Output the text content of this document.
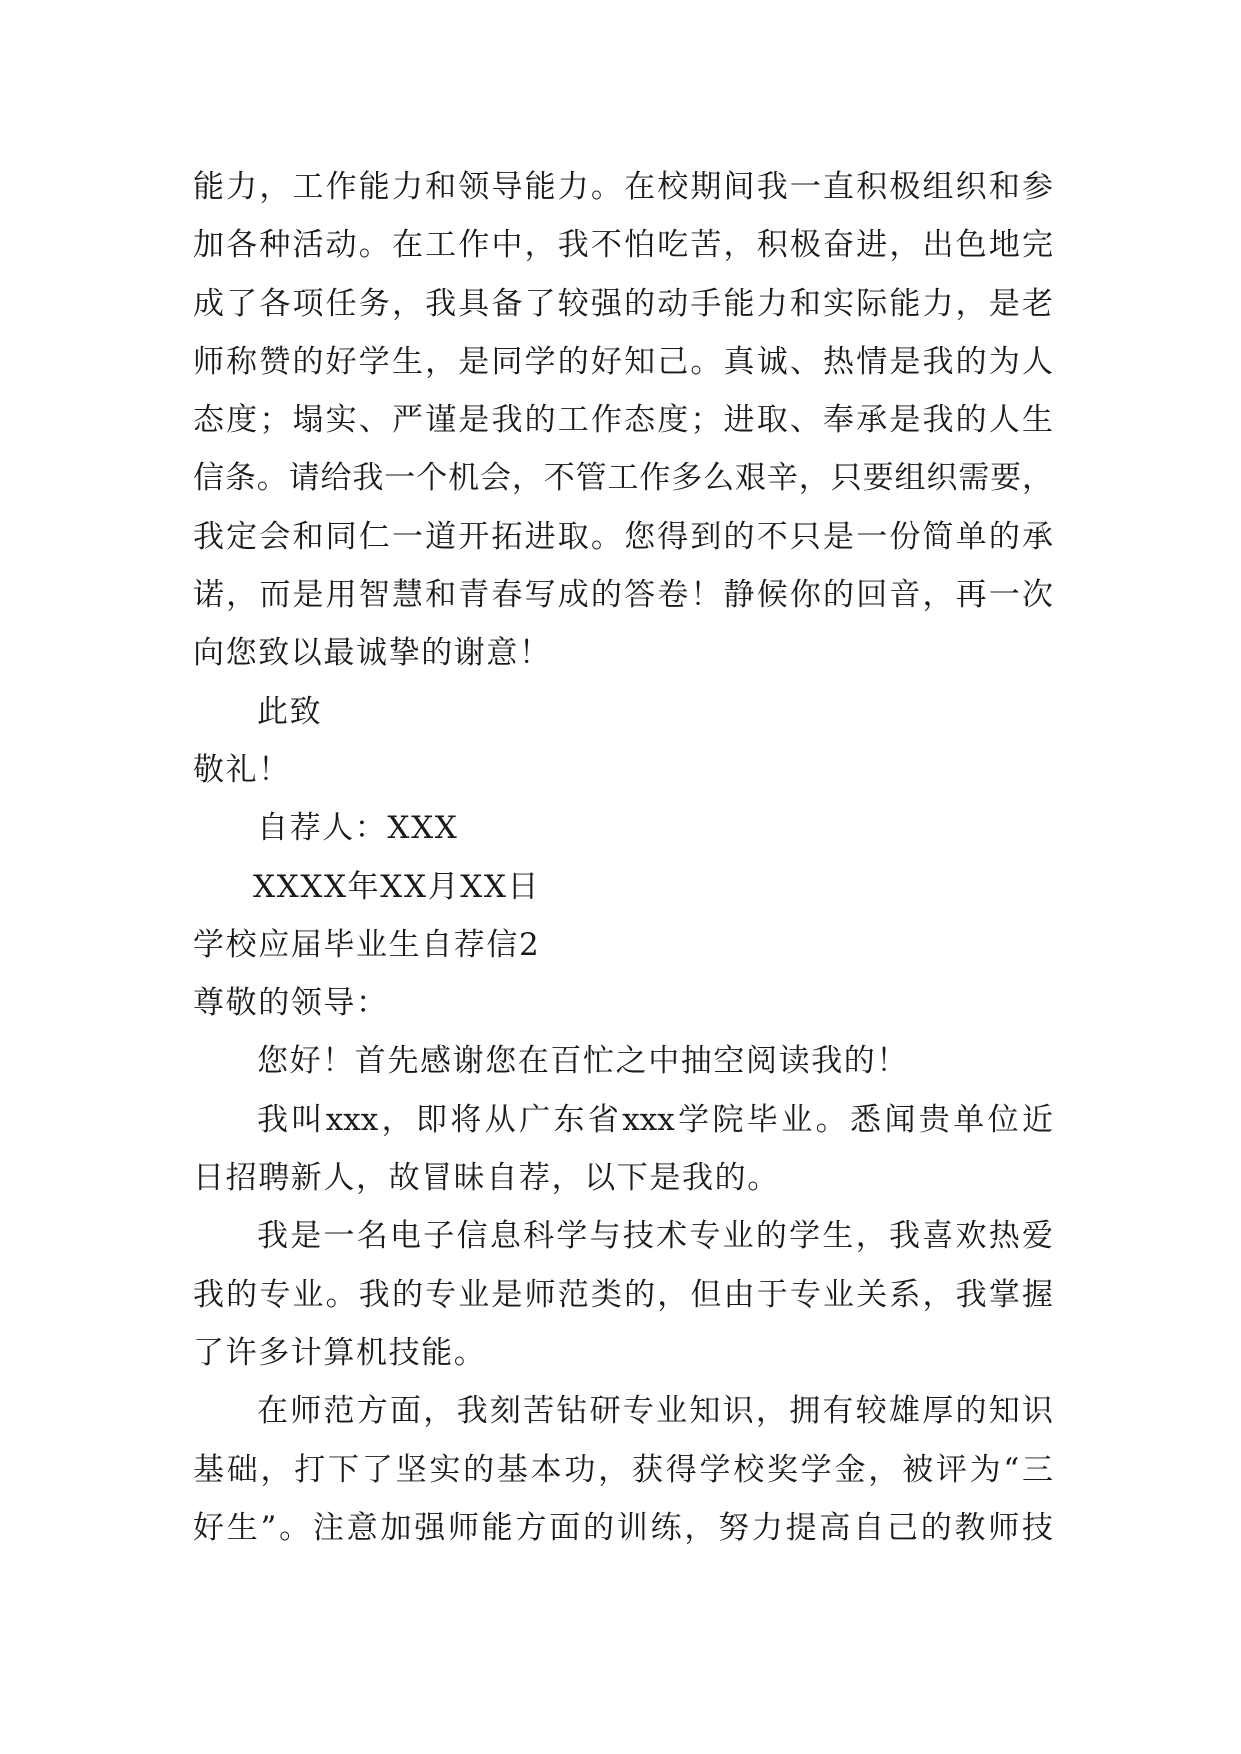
能力，工作能力和领导能力。在校期间我一直积极组织和参
加各种活动。在工作中，我不怕吃苦，积极奋进，出色地完
成了各项任务，我具备了较强的动手能力和实际能力，是老
师称赞的好学生，是同学的好知己。真诚、热情是我的为人
态度；塌实、严谨是我的工作态度；进取、奉承是我的人生
信条。请给我一个机会，不管工作多么艰辛，只要组织需要，
我定会和同仁一道开拓进取。您得到的不只是一份简单的承
诺，而是用智慧和青春写成的答卷！静候你的回音，再一次
向您致以最诚挚的谢意！
此致
敬礼！
自荐人：XXX
XXXX年XX月XX日
学校应届毕业生自荐信2
尊敬的领导：
您好！首先感谢您在百忙之中抽空阅读我的！
我叫xxx，即将从广东省xxx学院毕业。悉闻贵单位近
日招聘新人，故冒昧自荐，以下是我的。
我是一名电子信息科学与技术专业的学生，我喜欢热爱
我的专业。我的专业是师范类的，但由于专业关系，我掌握
了许多计算机技能。
在师范方面，我刻苦钻研专业知识，拥有较雄厚的知识
基础，打下了坚实的基本功，获得学校奖学金，被评为“三
好生”。注意加强师能方面的训练，努力提高自己的教师技
